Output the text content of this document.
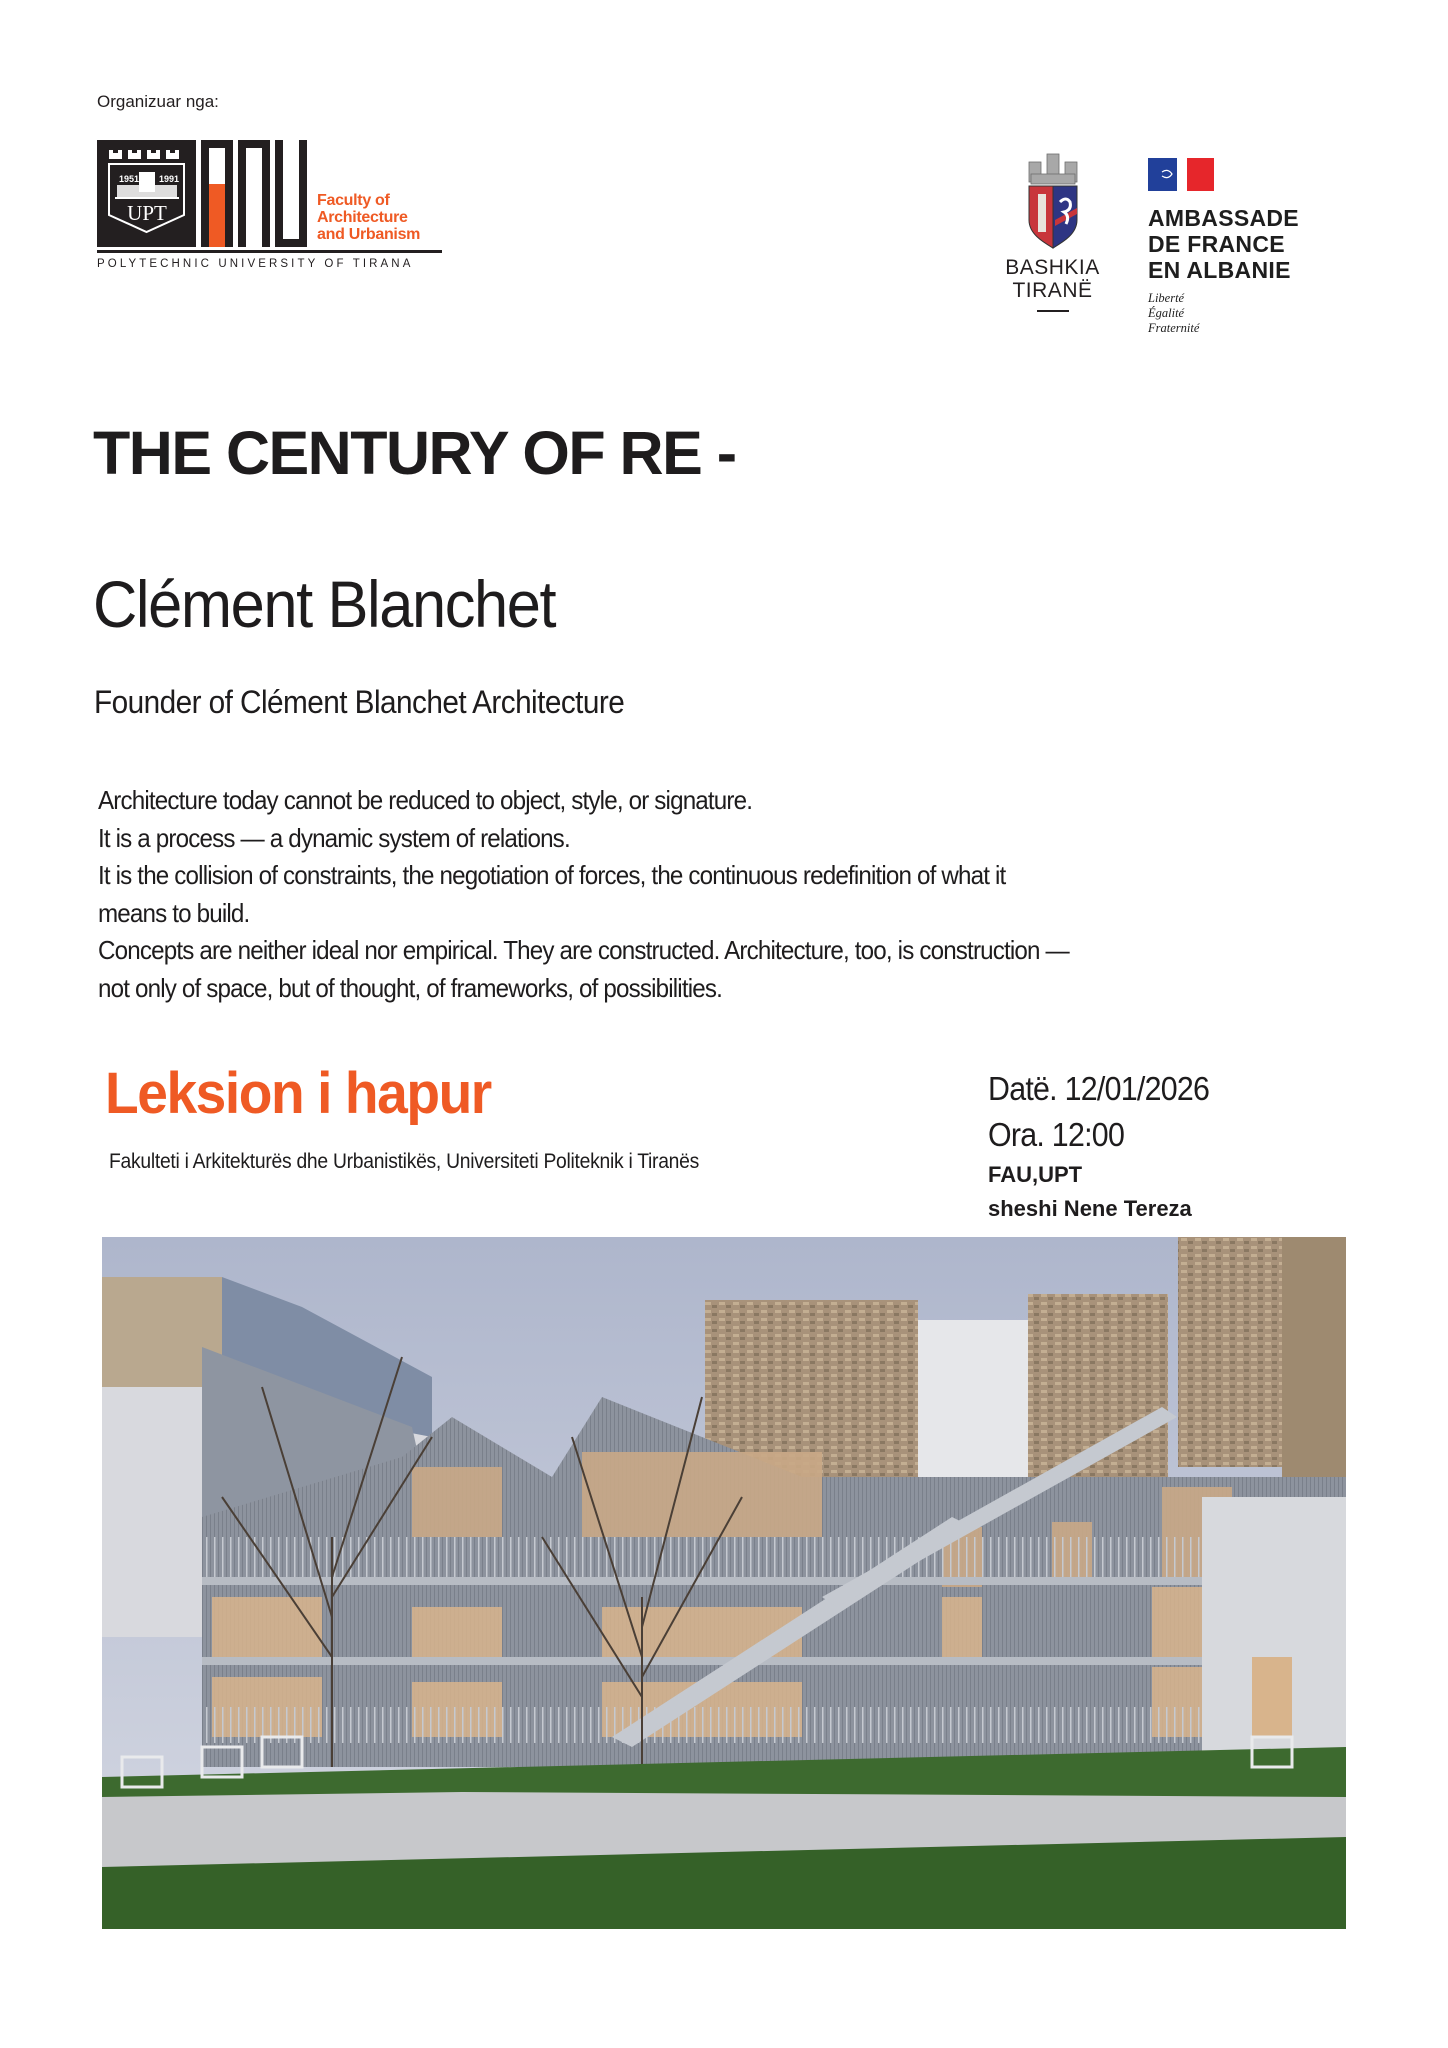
Organizuar nga:
1951 1991
UPT
Faculty of
Architecture
and Urbanism
POLYTECHNIC UNIVERSITY OF TIRANA	BASHKIA
TIRANË
AMBASSADE
DE FRANCE
EN ALBANIE
Liberté
Égalité
Fraternité
THE CENTURY OF RE -
Clément Blanchet
Founder of Clément Blanchet Architecture
Architecture today cannot be reduced to object, style, or signature.
It is a process — a dynamic system of relations.
It is the collision of constraints, the negotiation of forces, the continuous redefinition of what it
means to build.
Concepts are neither ideal nor empirical. They are constructed. Architecture, too, is construction —
not only of space, but of thought, of frameworks, of possibilities.
Leksion i hapur
Fakulteti i Arkitekturës dhe Urbanistikës, Universiteti Politeknik i Tiranës
Datë. 12/01/2026
Ora. 12:00
FAU,UPT
sheshi Nene Tereza
